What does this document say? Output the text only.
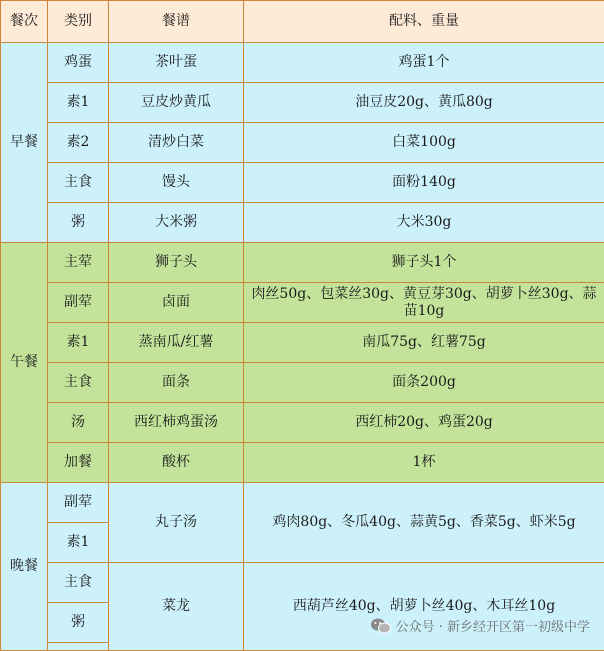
餐次	类别	餐谱	配料、重量
早餐	鸡蛋	茶叶蛋	鸡蛋1个
	素1	豆皮炒黄瓜	油豆皮20g、黄瓜80g
	素2	清炒白菜	白菜100g
	主食	馒头	面粉140g
	粥	大米粥	大米30g
午餐	主荤	狮子头	狮子头1个
	副荤	卤面	肉丝50g、包菜丝30g、黄豆芽30g、胡萝卜丝30g、蒜苗10g
	素1	蒸南瓜/红薯	南瓜75g、红薯75g
	主食	面条	面条200g
	汤	西红柿鸡蛋汤	西红柿20g、鸡蛋20g
	加餐	酸杯	1杯
晚餐	副荤	丸子汤	鸡肉80g、冬瓜40g、蒜黄5g、香菜5g、虾米5g
	素1		
	主食	菜龙	西葫芦丝40g、胡萝卜丝40g、木耳丝10g
	粥			公众号 · 新乡经开区第一初级中学
